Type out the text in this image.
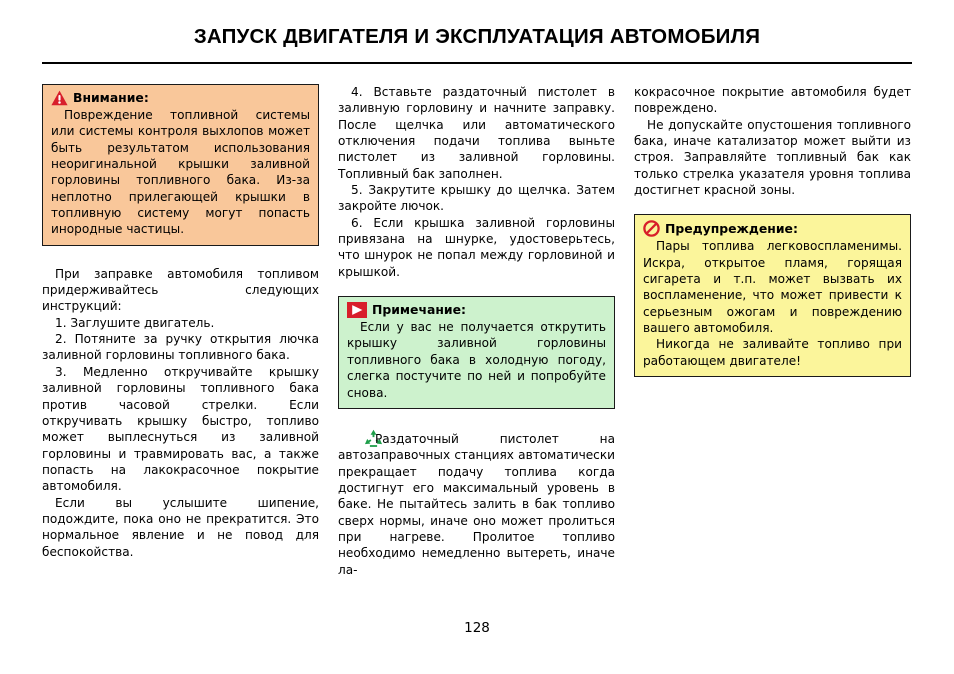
ЗАПУСК ДВИГАТЕЛЯ И ЭКСПЛУАТАЦИЯ АВТОМОБИЛЯ
Внимание:

Повреждение топливной системы или системы контроля выхлопов может быть результатом использования неоригинальной крышки заливной горловины топливного бака. Из-за неплотно прилегающей крышки в топливную систему могут попасть инородные частицы.

При заправке автомобиля топливом придерживайтесь следующих инструкций:

1. Заглушите двигатель.

2. Потяните за ручку открытия лючка заливной горловины топливного бака.

3. Медленно откручивайте крышку заливной горловины топливного бака против часовой стрелки. Если откручивать крышку быстро, топливо может выплеснуться из заливной горловины и травмировать вас, а также попасть на лакокрасочное покрытие автомобиля.

Если вы услышите шипение, подождите, пока оно не прекратится. Это нормальное явление и не повод для беспокойства.

4. Вставьте раздаточный пистолет в заливную горловину и начните заправку. После щелчка или автоматического отключения подачи топлива выньте пистолет из заливной горловины. Топливный бак заполнен.

5. Закрутите крышку до щелчка. Затем закройте лючок.

6. Если крышка заливной горловины привязана на шнурке, удостоверьтесь, что шнурок не попал между горловиной и крышкой.

Примечание:

Если у вас не получается открутить крышку заливной горловины топливного бака в холодную погоду, слегка постучите по ней и попробуйте снова.

Раздаточный пистолет на автозаправочных станциях автоматически прекращает подачу топлива когда достигнут его максимальный уровень в баке. Не пытайтесь залить в бак топливо сверх нормы, иначе оно может пролиться при нагреве. Пролитое топливо необходимо немедленно вытереть, иначе ла-

кокрасочное покрытие автомобиля будет повреждено.

Не допускайте опустошения топливного бака, иначе катализатор может выйти из строя. Заправляйте топливный бак как только стрелка указателя уровня топлива достигнет красной зоны.

Предупреждение:

Пары топлива легковоспламенимы. Искра, открытое пламя, горящая сигарета и т.п. может вызвать их воспламенение, что может привести к серьезным ожогам и повреждению вашего автомобиля.

Никогда не заливайте топливо при работающем двигателе!

128
